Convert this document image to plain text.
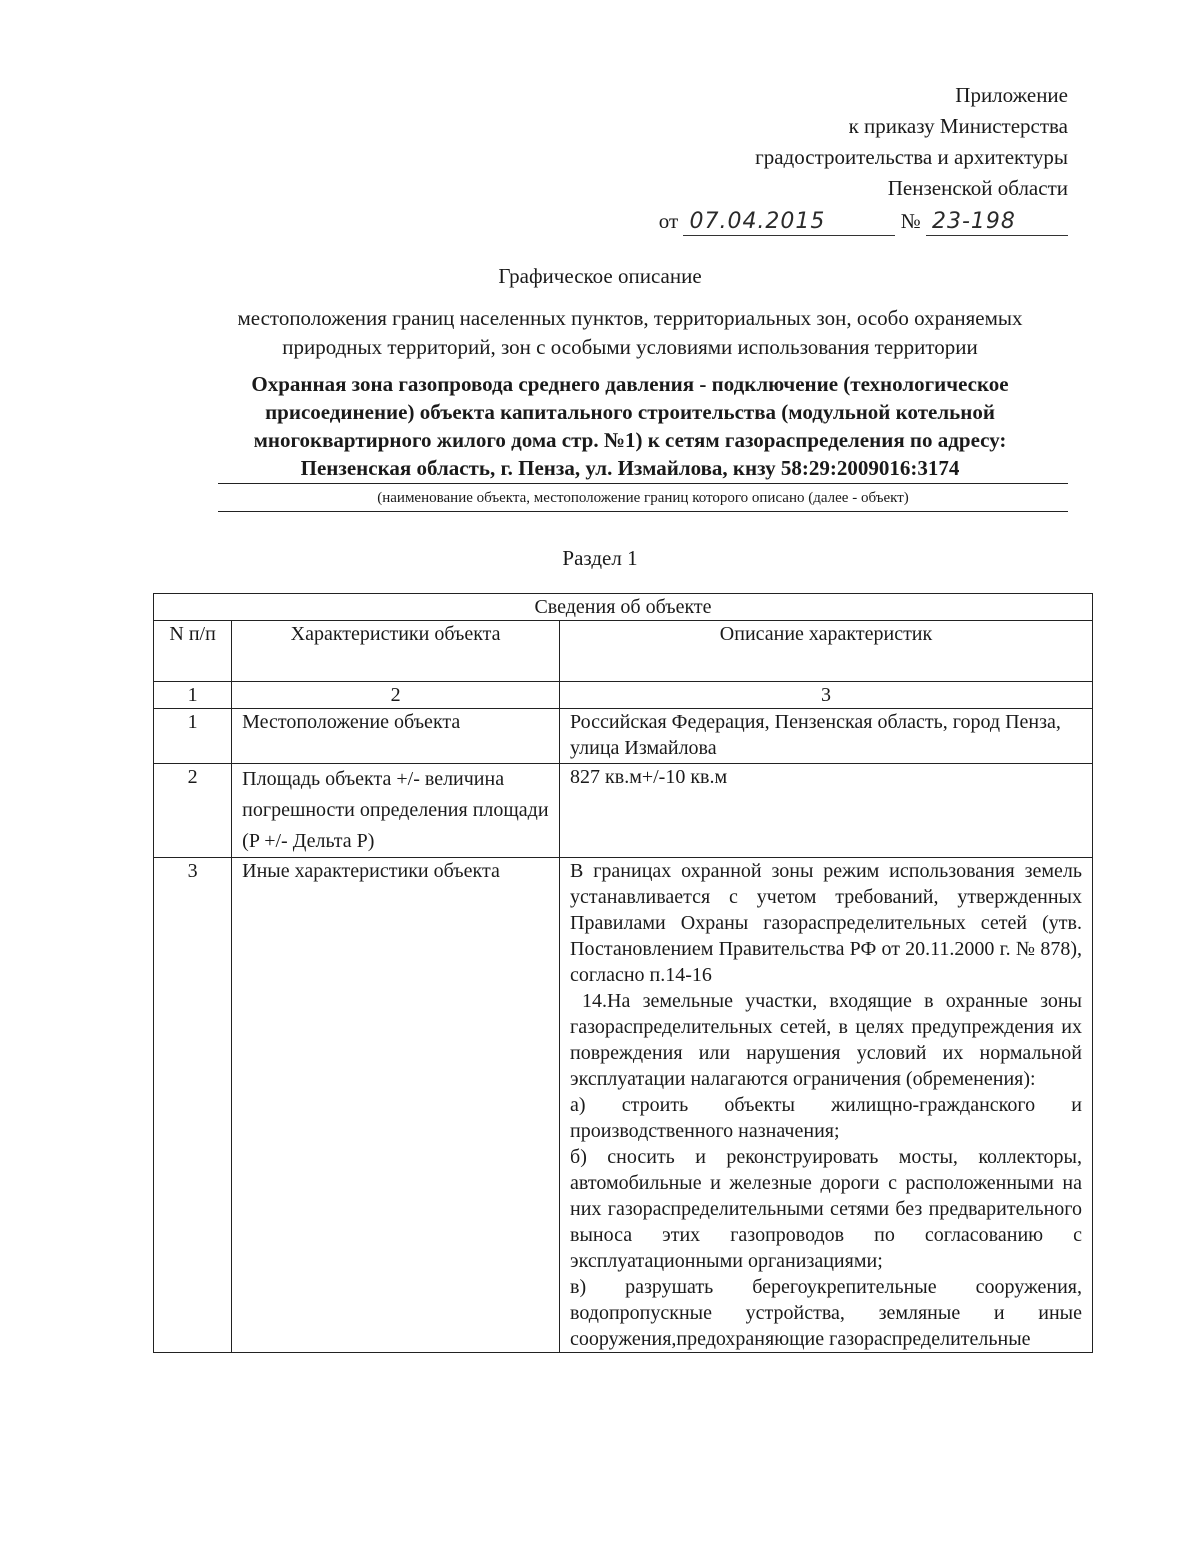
Приложение
к приказу Министерства
градостроительства и архитектуры
Пензенской области
от 07.04.2015	№ 23-198
Графическое описание
местоположения границ населенных пунктов, территориальных зон, особо охраняемых природных территорий, зон с особыми условиями использования территории
Охранная зона газопровода среднего давления - подключение (технологическое присоединение) объекта капитального строительства (модульной котельной многоквартирного жилого дома стр. №1) к сетям газораспределения по адресу: Пензенская область, г. Пенза, ул. Измайлова, кнзу 58:29:2009016:3174
(наименование объекта, местоположение границ которого описано (далее - объект)
Раздел 1
Сведения об объекте		
N п/п	Характеристики объекта	Описание характеристик
1	2	3
1	Местоположение объекта	Российская Федерация, Пензенская область, город Пенза, улица Измайлова
2	Площадь объекта +/- величина погрешности определения площади (P +/- Дельта P)	827 кв.м+/-10 кв.м
3	Иные характеристики объекта	В границах охранной зоны режим использования земель устанавливается с учетом требований, утвержденных Правилами Охраны газораспределительных сетей (утв. Постановлением Правительства РФ от 20.11.2000 г. № 878), согласно п.14-16
14.На земельные участки, входящие в охранные зоны газораспределительных сетей, в целях предупреждения их повреждения или нарушения условий их нормальной эксплуатации налагаются ограничения (обременения):
а) строить объекты жилищно-гражданского и производственного назначения;
б) сносить и реконструировать мосты, коллекторы, автомобильные и железные дороги с расположенными на них газораспределительными сетями без предварительного выноса этих газопроводов по согласованию с эксплуатационными организациями;
в) разрушать берегоукрепительные сооружения, водопропускные устройства, земляные и иные сооружения,предохраняющие газораспределительные
